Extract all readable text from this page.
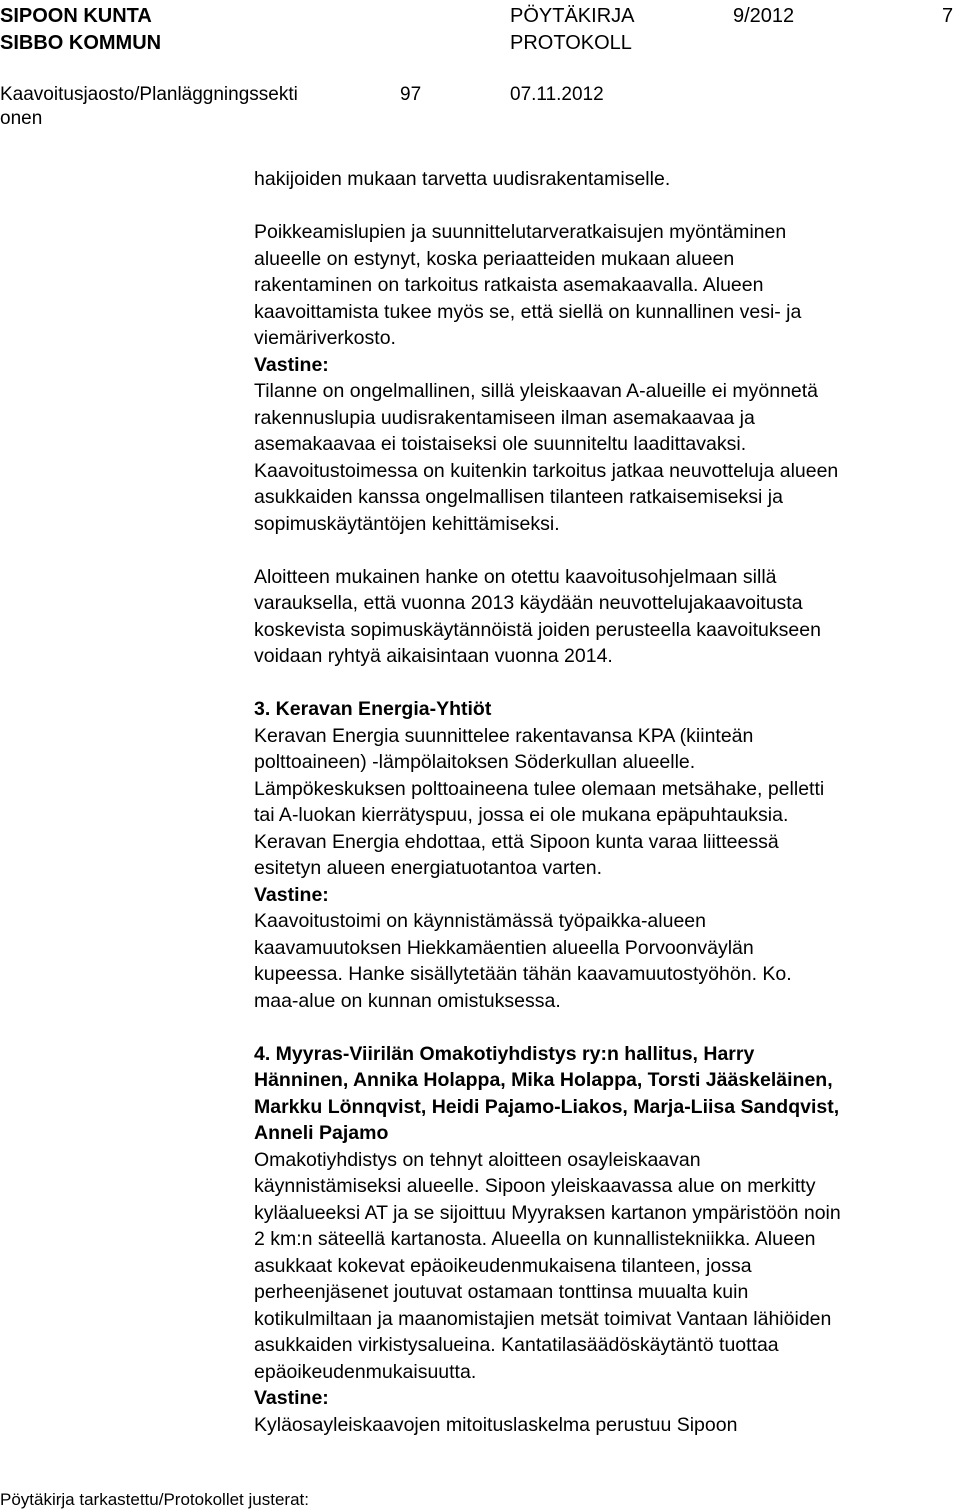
SIPOON KUNTA
SIBBO KOMMUN
PÖYTÄKIRJA
PROTOKOLL
9/2012	7
Kaavoitusjaosto/Planläggningssekti
onen
97	07.11.2012
hakijoiden mukaan tarvetta uudisrakentamiselle.
Poikkeamislupien ja suunnittelutarveratkaisujen myöntäminen
alueelle on estynyt, koska periaatteiden mukaan alueen
rakentaminen on tarkoitus ratkaista asemakaavalla. Alueen
kaavoittamista tukee myös se, että siellä on kunnallinen vesi- ja
viemäriverkosto.
Vastine:
Tilanne on ongelmallinen, sillä yleiskaavan A-alueille ei myönnetä
rakennuslupia uudisrakentamiseen ilman asemakaavaa ja
asemakaavaa ei toistaiseksi ole suunniteltu laadittavaksi.
Kaavoitustoimessa on kuitenkin tarkoitus jatkaa neuvotteluja alueen
asukkaiden kanssa ongelmallisen tilanteen ratkaisemiseksi ja
sopimuskäytäntöjen kehittämiseksi.
Aloitteen mukainen hanke on otettu kaavoitusohjelmaan sillä
varauksella, että vuonna 2013 käydään neuvottelujakaavoitusta
koskevista sopimuskäytännöistä joiden perusteella kaavoitukseen
voidaan ryhtyä aikaisintaan vuonna 2014.
3. Keravan Energia-Yhtiöt
Keravan Energia suunnittelee rakentavansa KPA (kiinteän
polttoaineen) -lämpölaitoksen Söderkullan alueelle.
Lämpökeskuksen polttoaineena tulee olemaan metsähake, pelletti
tai A-luokan kierrätyspuu, jossa ei ole mukana epäpuhtauksia.
Keravan Energia ehdottaa, että Sipoon kunta varaa liitteessä
esitetyn alueen energiatuotantoa varten.
Vastine:
Kaavoitustoimi on käynnistämässä työpaikka-alueen
kaavamuutoksen Hiekkamäentien alueella Porvoonväylän
kupeessa. Hanke sisällytetään tähän kaavamuutostyöhön. Ko.
maa-alue on kunnan omistuksessa.
4. Myyras-Viirilän Omakotiyhdistys ry:n hallitus, Harry
Hänninen, Annika Holappa, Mika Holappa, Torsti Jääskeläinen,
Markku Lönnqvist, Heidi Pajamo-Liakos, Marja-Liisa Sandqvist,
Anneli Pajamo
Omakotiyhdistys on tehnyt aloitteen osayleiskaavan
käynnistämiseksi alueelle. Sipoon yleiskaavassa alue on merkitty
kyläalueeksi AT ja se sijoittuu Myyraksen kartanon ympäristöön noin
2 km:n säteellä kartanosta. Alueella on kunnallistekniikka. Alueen
asukkaat kokevat epäoikeudenmukaisena tilanteen, jossa
perheenjäsenet joutuvat ostamaan tonttinsa muualta kuin
kotikulmiltaan ja maanomistajien metsät toimivat Vantaan lähiöiden
asukkaiden virkistysalueina. Kantatilasäädöskäytäntö tuottaa
epäoikeudenmukaisuutta.
Vastine:
Kyläosayleiskaavojen mitoituslaskelma perustuu Sipoon
Pöytäkirja tarkastettu/Protokollet justerat:
